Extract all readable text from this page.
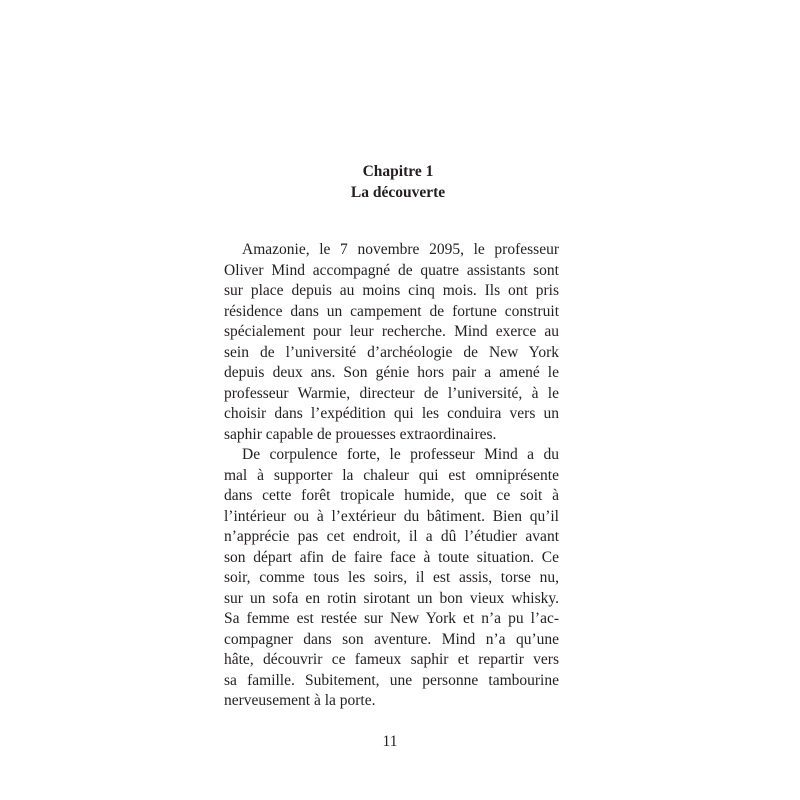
Chapitre 1
La découverte
Amazonie, le 7 novembre 2095, le professeur
Oliver Mind accompagné de quatre assistants sont
sur place depuis au moins cinq mois. Ils ont pris
résidence dans un campement de fortune construit
spécialement pour leur recherche. Mind exerce au
sein de l’université d’archéologie de New York
depuis deux ans. Son génie hors pair a amené le
professeur Warmie, directeur de l’université, à le
choisir dans l’expédition qui les conduira vers un
saphir capable de prouesses extraordinaires.
De corpulence forte, le professeur Mind a du
mal à supporter la chaleur qui est omniprésente
dans cette forêt tropicale humide, que ce soit à
l’intérieur ou à l’extérieur du bâtiment. Bien qu’il
n’apprécie pas cet endroit, il a dû l’étudier avant
son départ afin de faire face à toute situation. Ce
soir, comme tous les soirs, il est assis, torse nu,
sur un sofa en rotin sirotant un bon vieux whisky.
Sa femme est restée sur New York et n’a pu l’ac-
compagner dans son aventure. Mind n’a qu’une
hâte, découvrir ce fameux saphir et repartir vers
sa famille. Subitement, une personne tambourine
nerveusement à la porte.
11
